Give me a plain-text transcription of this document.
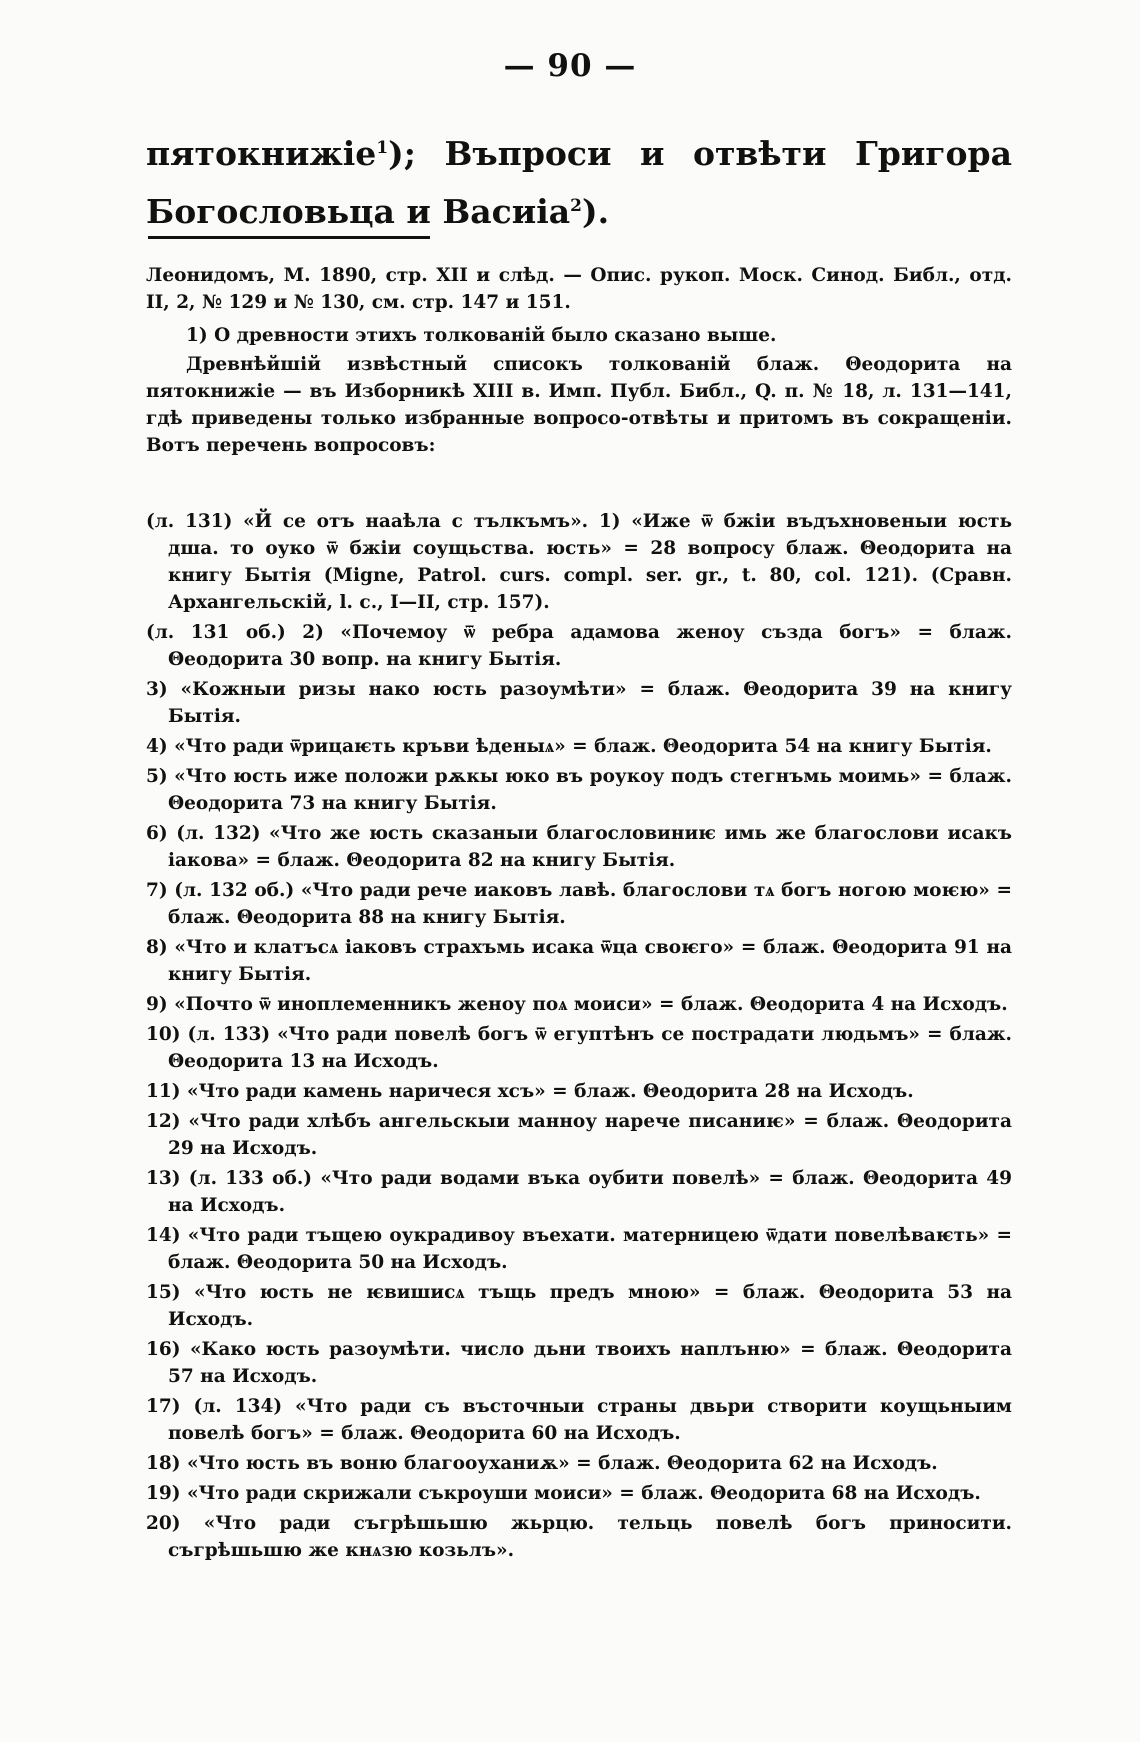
— 90 —
пятокнижіе$^1$); Въпроси и отвѣти Григора Богословьца и Васиіа$^2$).
Леонидомъ, М. 1890, стр. XII и слѣд. — Опис. рукоп. Моск. Синод. Библ., отд. II, 2, № 129 и № 130, см. стр. 147 и 151.
1) О древности этихъ толкованій было сказано выше.
Древнѣйшій извѣстный списокъ толкованій блаж. Θеодорита на пятокнижіе — въ Изборникѣ XIII в. Имп. Публ. Библ., Q. п. № 18, л. 131—141, гдѣ приведены только избранные вопросо-отвѣты и притомъ въ сокращеніи. Вотъ перечень вопросовъ:
(л. 131) «Й се отъ нааѣла с тълкъмъ». 1) «Иже ѿ бжіи въдъхновеныи юсть дша. то оуко ѿ бжіи соущьства. юсть» = 28 вопросу блаж. Θеодорита на книгу Бытія (Migne, Patrol. curs. compl. ser. gr., t. 80, col. 121). (Сравн. Архангельскій, l. c., I—II, стр. 157).
(л. 131 об.) 2) «Почемоу ѿ ребра адамова женоу създа богъ» = блаж. Θеодорита 30 вопр. на книгу Бытія.
3) «Кожныи ризы нако юсть разоумѣти» = блаж. Θеодорита 39 на книгу Бытія.
4) «Что ради ѿрицаѥть кръви ѣденыѧ» = блаж. Θеодорита 54 на книгу Бытія.
5) «Что юсть иже положи рѫкы юко въ роукоу подъ стегнъмь моимь» = блаж. Θеодорита 73 на книгу Бытія.
6) (л. 132) «Что же юсть сказаныи благословиниѥ имь же благослови исакъ іакова» = блаж. Θеодорита 82 на книгу Бытія.
7) (л. 132 об.) «Что ради рече иаковъ лавѣ. благослови тѧ богъ ногою моѥю» = блаж. Θеодорита 88 на книгу Бытія.
8) «Что и клатъсѧ іаковъ страхъмь исака ѿца своѥго» = блаж. Θеодорита 91 на книгу Бытія.
9) «Почто ѿ иноплеменникъ женоу поѧ моиси» = блаж. Θеодорита 4 на Исходъ.
10) (л. 133) «Что ради повелѣ богъ ѿ егуптѣнъ се пострадати людьмъ» = блаж. Θеодорита 13 на Исходъ.
11) «Что ради камень наричеся хсъ» = блаж. Θеодорита 28 на Исходъ.
12) «Что ради хлѣбъ ангельскыи манноу нарече писаниѥ» = блаж. Θеодорита 29 на Исходъ.
13) (л. 133 об.) «Что ради водами въка оубити повелѣ» = блаж. Θеодорита 49 на Исходъ.
14) «Что ради тъщею оукрадивоу въехати. матерницею ѿдати повелѣваѥть» = блаж. Θеодорита 50 на Исходъ.
15) «Что юсть не ѥвишисѧ тъщь предъ мною» = блаж. Θеодорита 53 на Исходъ.
16) «Како юсть разоумѣти. число дьни твоихъ наплъню» = блаж. Θеодорита 57 на Исходъ.
17) (л. 134) «Что ради съ въсточныи страны двьри створити коущьныим повелѣ богъ» = блаж. Θеодорита 60 на Исходъ.
18) «Что юсть въ воню благооуханиѫ» = блаж. Θеодорита 62 на Исходъ.
19) «Что ради скрижали съкроуши моиси» = блаж. Θеодорита 68 на Исходъ.
20) «Что ради съгрѣшьшю жьрцю. тельць повелѣ богъ приносити. съгрѣшьшю же кнѧзю козьлъ».
